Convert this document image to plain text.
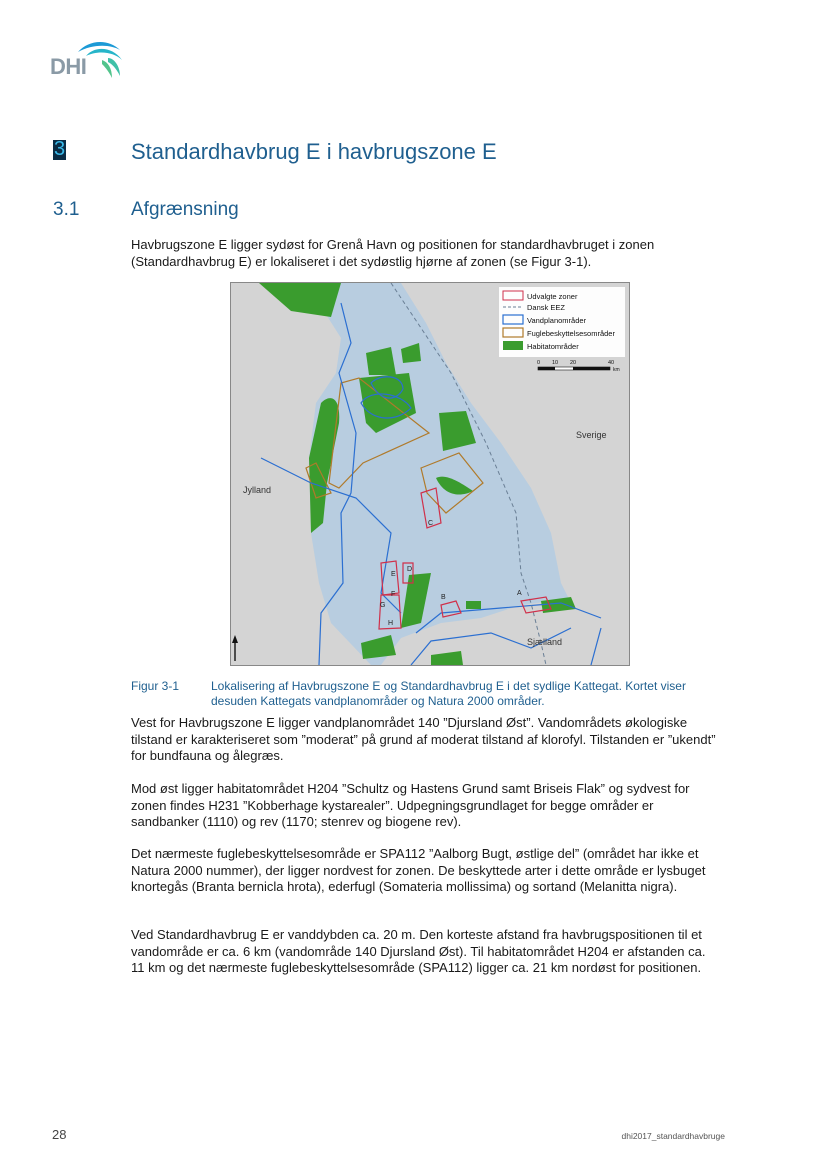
DHI
3	Standardhavbrug E i havbrugszone E
3.1	Afgrænsning

Havbrugszone E ligger sydøst for Grenå Havn og positionen for standardhavbruget i zonen (Standardhavbrug E) er lokaliseret i det sydøstlig hjørne af zonen (se Figur 3-1).

A
B
C
D
E
F
G
H
Sverige
Jylland
Sjælland
Udvalgte zoner
Dansk EEZ
Vandplanområder
Fuglebeskyttelsesområder
Habitatområder
0 10 20	40
km
Figur 3-1	Lokalisering af Havbrugszone E og Standardhavbrug E i det sydlige Kattegat. Kortet viser desuden Kattegats vandplanområder og Natura 2000 områder.

Vest for Havbrugszone E ligger vandplanområdet 140 ”Djursland Øst”. Vandområdets økologiske tilstand er karakteriseret som ”moderat” på grund af moderat tilstand af klorofyl. Tilstanden er ”ukendt” for bundfauna og ålegræs.

Mod øst ligger habitatområdet H204 ”Schultz og Hastens Grund samt Briseis Flak” og sydvest for zonen findes H231 ”Kobberhage kystarealer”. Udpegningsgrundlaget for begge områder er sandbanker (1110) og rev (1170; stenrev og biogene rev).

Det nærmeste fuglebeskyttelsesområde er SPA112 ”Aalborg Bugt, østlige del” (området har ikke et Natura 2000 nummer), der ligger nordvest for zonen. De beskyttede arter i dette område er lysbuget knortegås (Branta bernicla hrota), ederfugl (Somateria mollissima) og sortand (Melanitta nigra).

Ved Standardhavbrug E er vanddybden ca. 20 m. Den korteste afstand fra havbrugspositionen til et vandområde er ca. 6 km (vandområde 140 Djursland Øst). Til habitatområdet H204 er afstanden ca. 11 km og det nærmeste fuglebeskyttelsesområde (SPA112) ligger ca. 21 km nordøst for positionen.

28	dhi2017_standardhavbruge
